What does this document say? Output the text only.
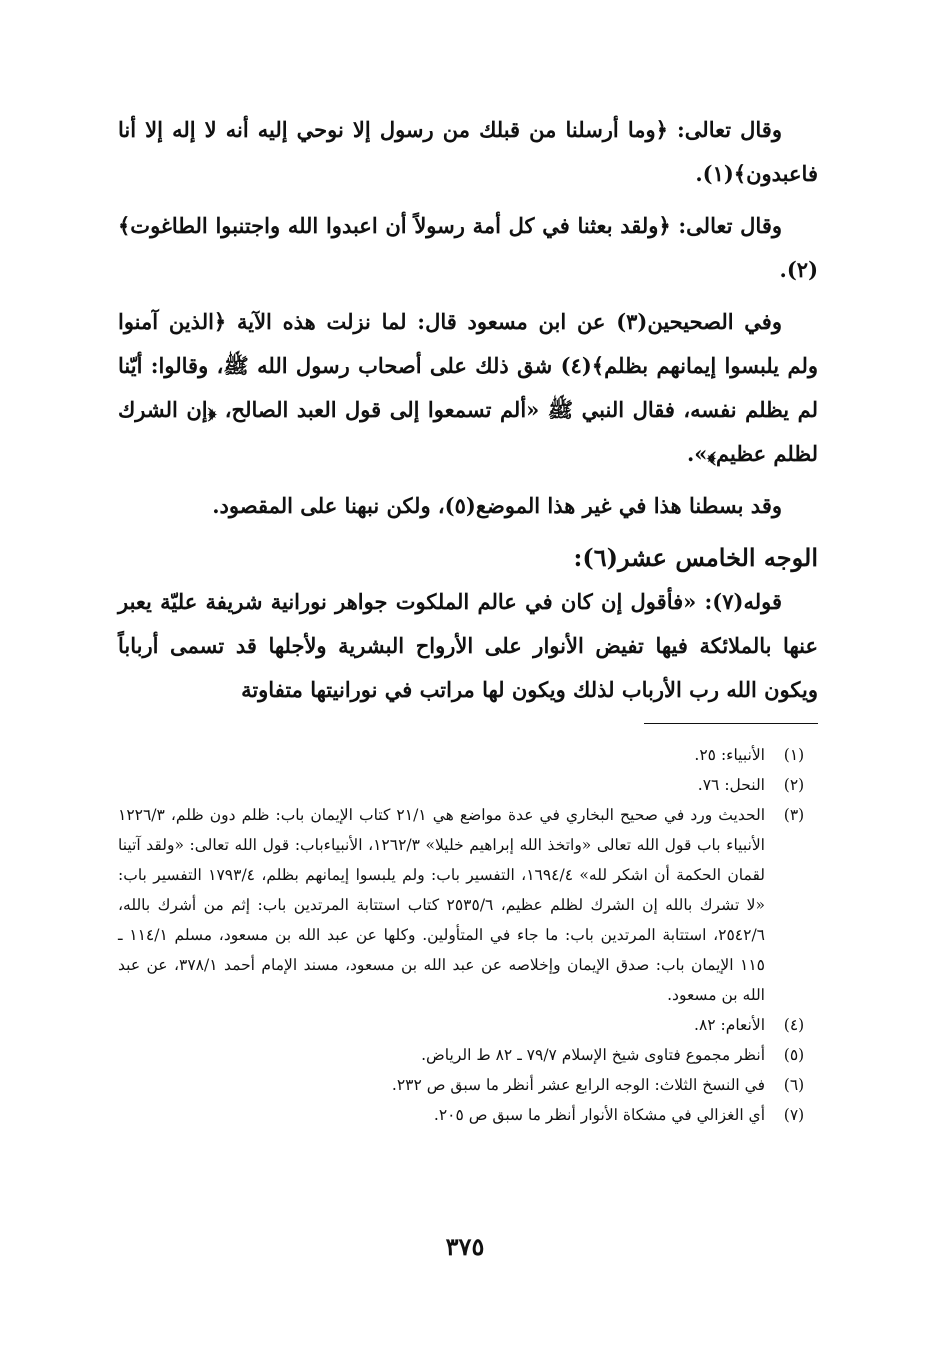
وقال تعالى: ﴿وما أرسلنا من قبلك من رسول إلا نوحي إليه أنه لا إله إلا أنا فاعبدون﴾(١).

وقال تعالى: ﴿ولقد بعثنا في كل أمة رسولاً أن اعبدوا الله واجتنبوا الطاغوت﴾(٢).

وفي الصحيحين(٣) عن ابن مسعود قال: لما نزلت هذه الآية ﴿الذين آمنوا ولم يلبسوا إيمانهم بظلم﴾(٤) شق ذلك على أصحاب رسول الله ﷺ، وقالوا: أيّنا لم يظلم نفسه، فقال النبي ﷺ «ألم تسمعوا إلى قول العبد الصالح، ﴿إن الشرك لظلم عظيم﴾».

وقد بسطنا هذا في غير هذا الموضع(٥)، ولكن نبهنا على المقصود.

الوجه الخامس عشر(٦):

قوله(٧): «فأقول إن كان في عالم الملكوت جواهر نورانية شريفة عليّة يعبر عنها بالملائكة فيها تفيض الأنوار على الأرواح البشرية ولأجلها قد تسمى أرباباً ويكون الله رب الأرباب لذلك ويكون لها مراتب في نورانيتها متفاوتة

(١)
الأنبياء: ٢٥.
(٢)
النحل: ٧٦.
(٣)
الحديث ورد في صحيح البخاري في عدة مواضع هي ٢١/١ كتاب الإيمان باب: ظلم دون ظلم، ١٢٢٦/٣ الأنبياء باب قول الله تعالى «واتخذ الله إبراهيم خليلا» ١٢٦٢/٣، الأنبياءباب: قول الله تعالى: «ولقد آتينا لقمان الحكمة أن اشكر لله» ١٦٩٤/٤، التفسير باب: ولم يلبسوا إيمانهم بظلم، ١٧٩٣/٤ التفسير باب: «لا تشرك بالله إن الشرك لظلم عظيم، ٢٥٣٥/٦ كتاب استتابة المرتدين باب: إثم من أشرك بالله، ٢٥٤٢/٦، استتابة المرتدين باب: ما جاء في المتأولين. وكلها عن عبد الله بن مسعود، مسلم ١١٤/١ ـ ١١٥ الإيمان باب: صدق الإيمان وإخلاصه عن عبد الله بن مسعود، مسند الإمام أحمد ٣٧٨/١، عن عبد الله بن مسعود.
(٤)
الأنعام: ٨٢.
(٥)
أنظر مجموع فتاوى شيخ الإسلام ٧٩/٧ ـ ٨٢ ط الرياض.
(٦)
في النسخ الثلاث: الوجه الرابع عشر أنظر ما سبق ص ٢٣٢.
(٧)
أي الغزالي في مشكاة الأنوار أنظر ما سبق ص ٢٠٥.
٣٧٥
